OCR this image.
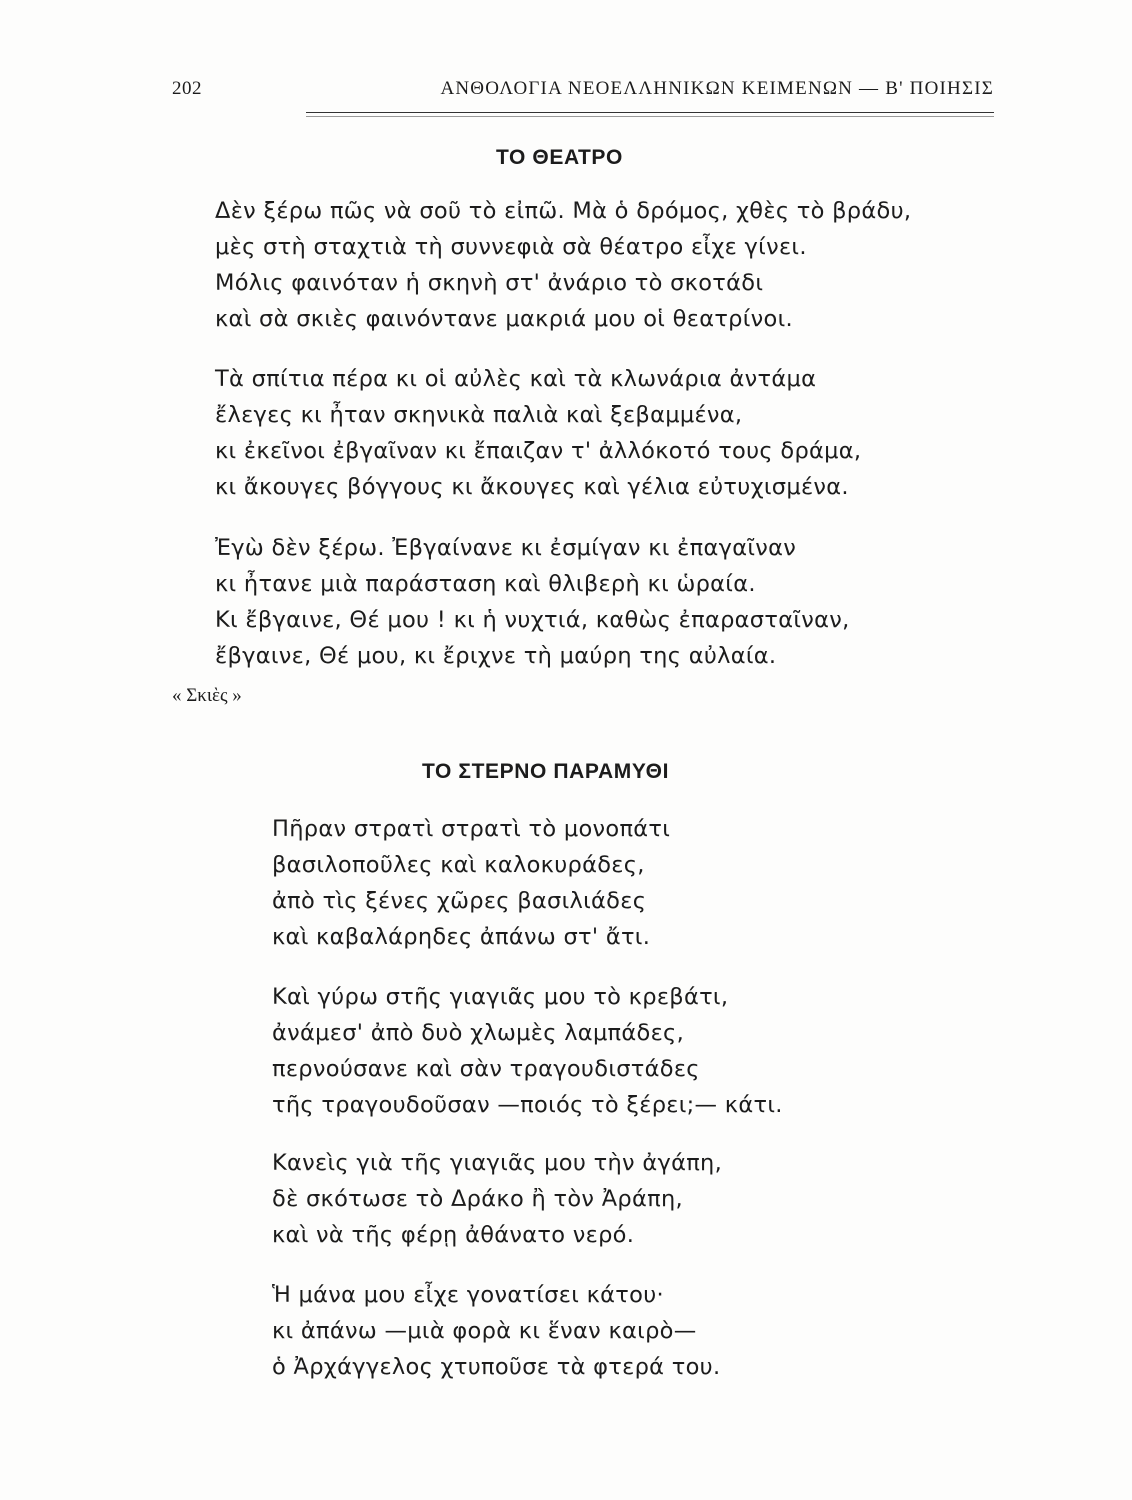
202	ΑΝΘΟΛΟΓΙΑ ΝΕΟΕΛΛΗΝΙΚΩΝ ΚΕΙΜΕΝΩΝ — Β' ΠΟΙΗΣΙΣ
ΤΟ ΘΕΑΤΡΟ
Δὲν ξέρω πῶς νὰ σοῦ τὸ εἰπῶ. Μὰ ὁ δρόμος, χθὲς τὸ βράδυ,
μὲς στὴ σταχτιὰ τὴ συννεφιὰ σὰ θέατρο εἶχε γίνει.
Μόλις φαινόταν ἡ σκηνὴ στ' ἀνάριο τὸ σκοτάδι
καὶ σὰ σκιὲς φαινόντανε μακριά μου οἱ θεατρίνοι.
Τὰ σπίτια πέρα κι οἱ αὐλὲς καὶ τὰ κλωνάρια ἀντάμα
ἔλεγες κι ἦταν σκηνικὰ παλιὰ καὶ ξεβαμμένα,
κι ἐκεῖνοι ἐβγαῖναν κι ἔπαιζαν τ' ἀλλόκοτό τους δράμα,
κι ἄκουγες βόγγους κι ἄκουγες καὶ γέλια εὐτυχισμένα.
Ἐγὼ δὲν ξέρω. Ἐβγαίνανε κι ἐσμίγαν κι ἐπαγαῖναν
κι ἦτανε μιὰ παράσταση καὶ θλιβερὴ κι ὡραία.
Κι ἔβγαινε, Θέ μου ! κι ἡ νυχτιά, καθὼς ἐπαρασταῖναν,
ἔβγαινε, Θέ μου, κι ἔριχνε τὴ μαύρη της αὐλαία.
« Σκιὲς »
ΤΟ ΣΤΕΡΝΟ ΠΑΡΑΜΥΘΙ
Πῆραν στρατὶ στρατὶ τὸ μονοπάτι
βασιλοποῦλες καὶ καλοκυράδες,
ἀπὸ τὶς ξένες χῶρες βασιλιάδες
καὶ καβαλάρηδες ἀπάνω στ' ἄτι.
Καὶ γύρω στῆς γιαγιᾶς μου τὸ κρεβάτι,
ἀνάμεσ' ἀπὸ δυὸ χλωμὲς λαμπάδες,
περνούσανε καὶ σὰν τραγουδιστάδες
τῆς τραγουδοῦσαν —ποιός τὸ ξέρει;— κάτι.
Κανεὶς γιὰ τῆς γιαγιᾶς μου τὴν ἀγάπη,
δὲ σκότωσε τὸ Δράκο ἢ τὸν Ἀράπη,
καὶ νὰ τῆς φέρῃ ἀθάνατο νερό.
Ἡ μάνα μου εἶχε γονατίσει κάτου·
κι ἀπάνω —μιὰ φορὰ κι ἕναν καιρὸ—
ὁ Ἀρχάγγελος χτυποῦσε τὰ φτερά του.
